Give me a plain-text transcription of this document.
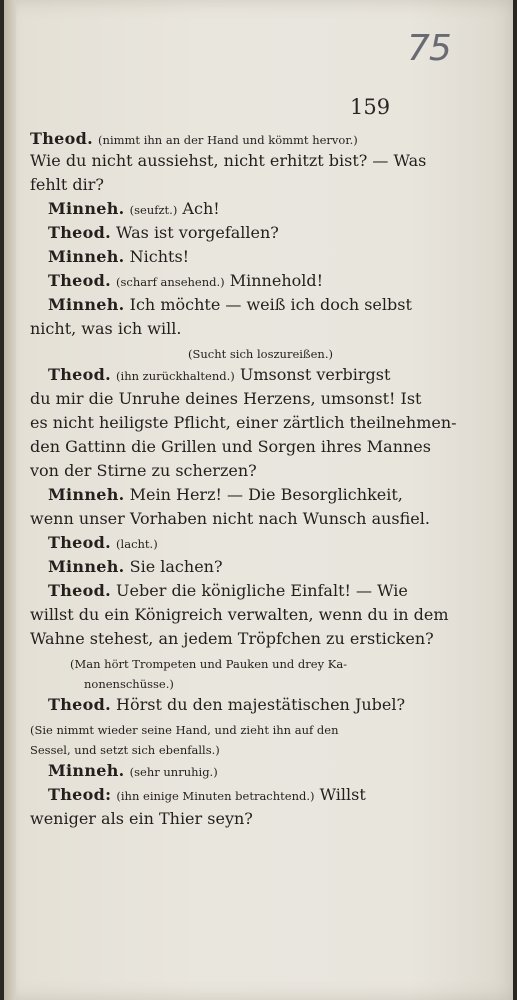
75
159
Theod. (nimmt ihn an der Hand und kömmt hervor.)
Wie du nicht aussiehst, nicht erhitzt bist? — Was
fehlt dir?
Minneh. (seufzt.) Ach!
Theod. Was ist vorgefallen?
Minneh. Nichts!
Theod. (scharf ansehend.) Minnehold!
Minneh. Ich möchte — weiß ich doch selbst
nicht, was ich will.
(Sucht sich loszureißen.)
Theod. (ihn zurückhaltend.) Umsonst verbirgst
du mir die Unruhe deines Herzens, umsonst! Ist
es nicht heiligste Pflicht, einer zärtlich theilnehmen-
den Gattinn die Grillen und Sorgen ihres Mannes
von der Stirne zu scherzen?
Minneh. Mein Herz! — Die Besorglichkeit,
wenn unser Vorhaben nicht nach Wunsch ausfiel.
Theod. (lacht.)
Minneh. Sie lachen?
Theod. Ueber die königliche Einfalt! — Wie
willst du ein Königreich verwalten, wenn du in dem
Wahne stehest, an jedem Tröpfchen zu ersticken?
(Man hört Trompeten und Pauken und drey Ka-
nonenschüsse.)
Theod. Hörst du den majestätischen Jubel?
(Sie nimmt wieder seine Hand, und zieht ihn auf den
Sessel, und setzt sich ebenfalls.)
Minneh. (sehr unruhig.)
Theod: (ihn einige Minuten betrachtend.) Willst
weniger als ein Thier seyn?
